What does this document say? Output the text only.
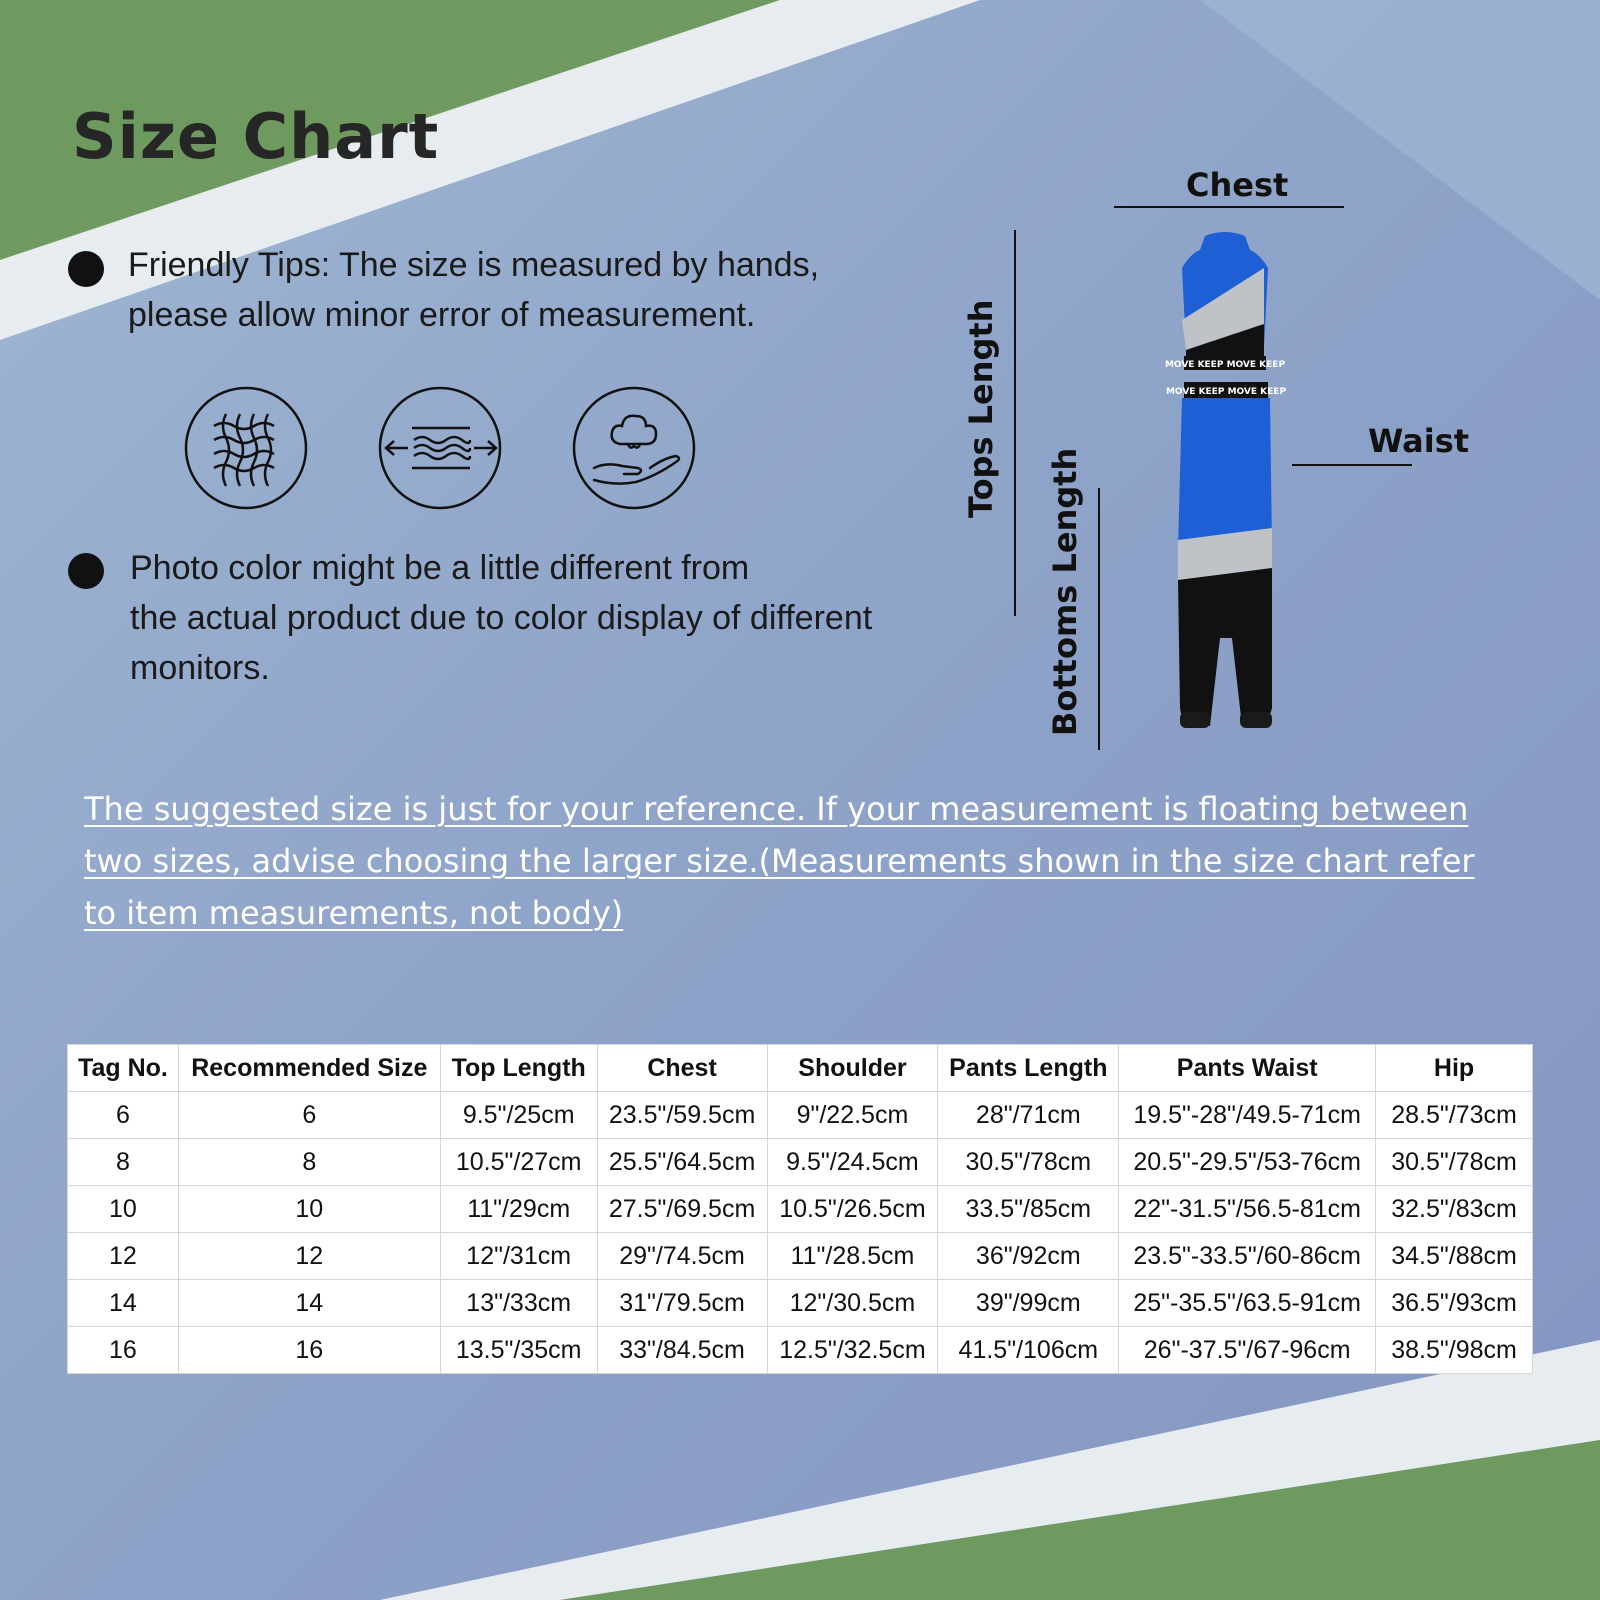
Size Chart
Friendly Tips: The size is measured by hands,
please allow minor error of measurement.
Photo color might be a little different from
the actual product due to color display of different
monitors.
Chest
Tops Length
Bottoms Length
Waist
MOVE KEEP MOVE KEEP
MOVE KEEP MOVE KEEP
The suggested size is just for your reference. If your measurement is floating between two sizes, advise choosing the larger size.(Measurements shown in the size chart refer to item measurements, not body)
Tag No.	Recommended Size	Top Length	Chest	Shoulder	Pants Length	Pants Waist	Hip
6	6	9.5"/25cm	23.5"/59.5cm	9"/22.5cm	28"/71cm	19.5"-28"/49.5-71cm	28.5"/73cm
8	8	10.5"/27cm	25.5"/64.5cm	9.5"/24.5cm	30.5"/78cm	20.5"-29.5"/53-76cm	30.5"/78cm
10	10	11"/29cm	27.5"/69.5cm	10.5"/26.5cm	33.5"/85cm	22"-31.5"/56.5-81cm	32.5"/83cm
12	12	12"/31cm	29"/74.5cm	11"/28.5cm	36"/92cm	23.5"-33.5"/60-86cm	34.5"/88cm
14	14	13"/33cm	31"/79.5cm	12"/30.5cm	39"/99cm	25"-35.5"/63.5-91cm	36.5"/93cm
16	16	13.5"/35cm	33"/84.5cm	12.5"/32.5cm	41.5"/106cm	26"-37.5"/67-96cm	38.5"/98cm
